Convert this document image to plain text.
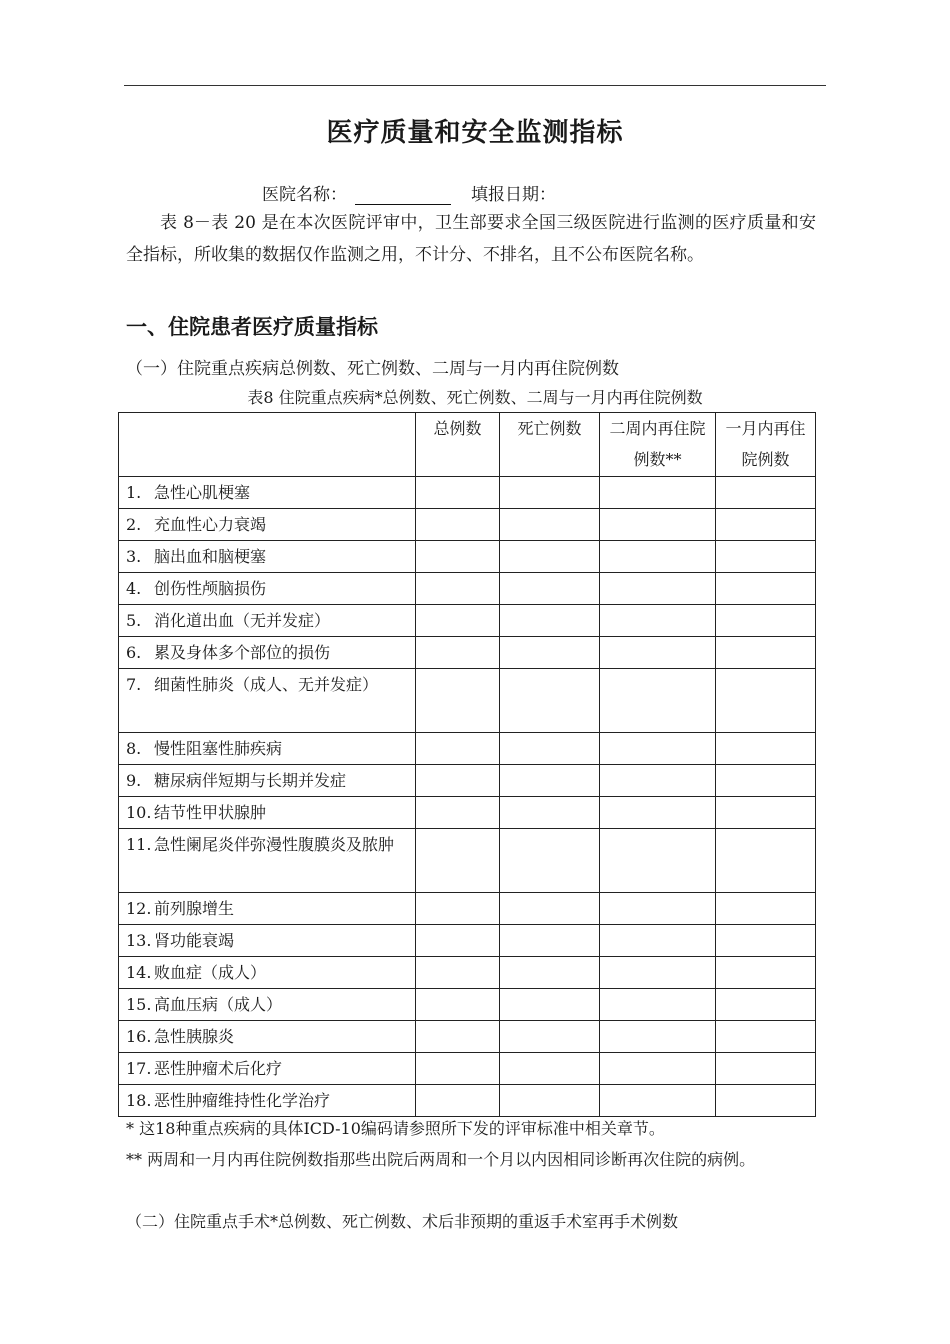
医疗质量和安全监测指标
医院名称：	填报日期：
表 8－表 20 是在本次医院评审中，卫生部要求全国三级医院进行监测的医疗质量和安全指标，所收集的数据仅作监测之用，不计分、不排名，且不公布医院名称。
一、住院患者医疗质量指标
（一）住院重点疾病总例数、死亡例数、二周与一月内再住院例数
表8 住院重点疾病*总例数、死亡例数、二周与一月内再住院例数
	总例数	死亡例数	二周内再住院例数**	一月内再住院例数
1. 急性心肌梗塞				
2. 充血性心力衰竭				
3. 脑出血和脑梗塞				
4. 创伤性颅脑损伤				
5. 消化道出血（无并发症）				
6. 累及身体多个部位的损伤				
7. 细菌性肺炎（成人、无并发症）				
8. 慢性阻塞性肺疾病				
9. 糖尿病伴短期与长期并发症				
10. 结节性甲状腺肿				
11. 急性阑尾炎伴弥漫性腹膜炎及脓肿				
12. 前列腺增生				
13. 肾功能衰竭				
14. 败血症（成人）				
15. 高血压病（成人）				
16. 急性胰腺炎				
17. 恶性肿瘤术后化疗				
18. 恶性肿瘤维持性化学治疗				
* 这18种重点疾病的具体ICD-10编码请参照所下发的评审标准中相关章节。
** 两周和一月内再住院例数指那些出院后两周和一个月以内因相同诊断再次住院的病例。
（二）住院重点手术*总例数、死亡例数、术后非预期的重返手术室再手术例数
